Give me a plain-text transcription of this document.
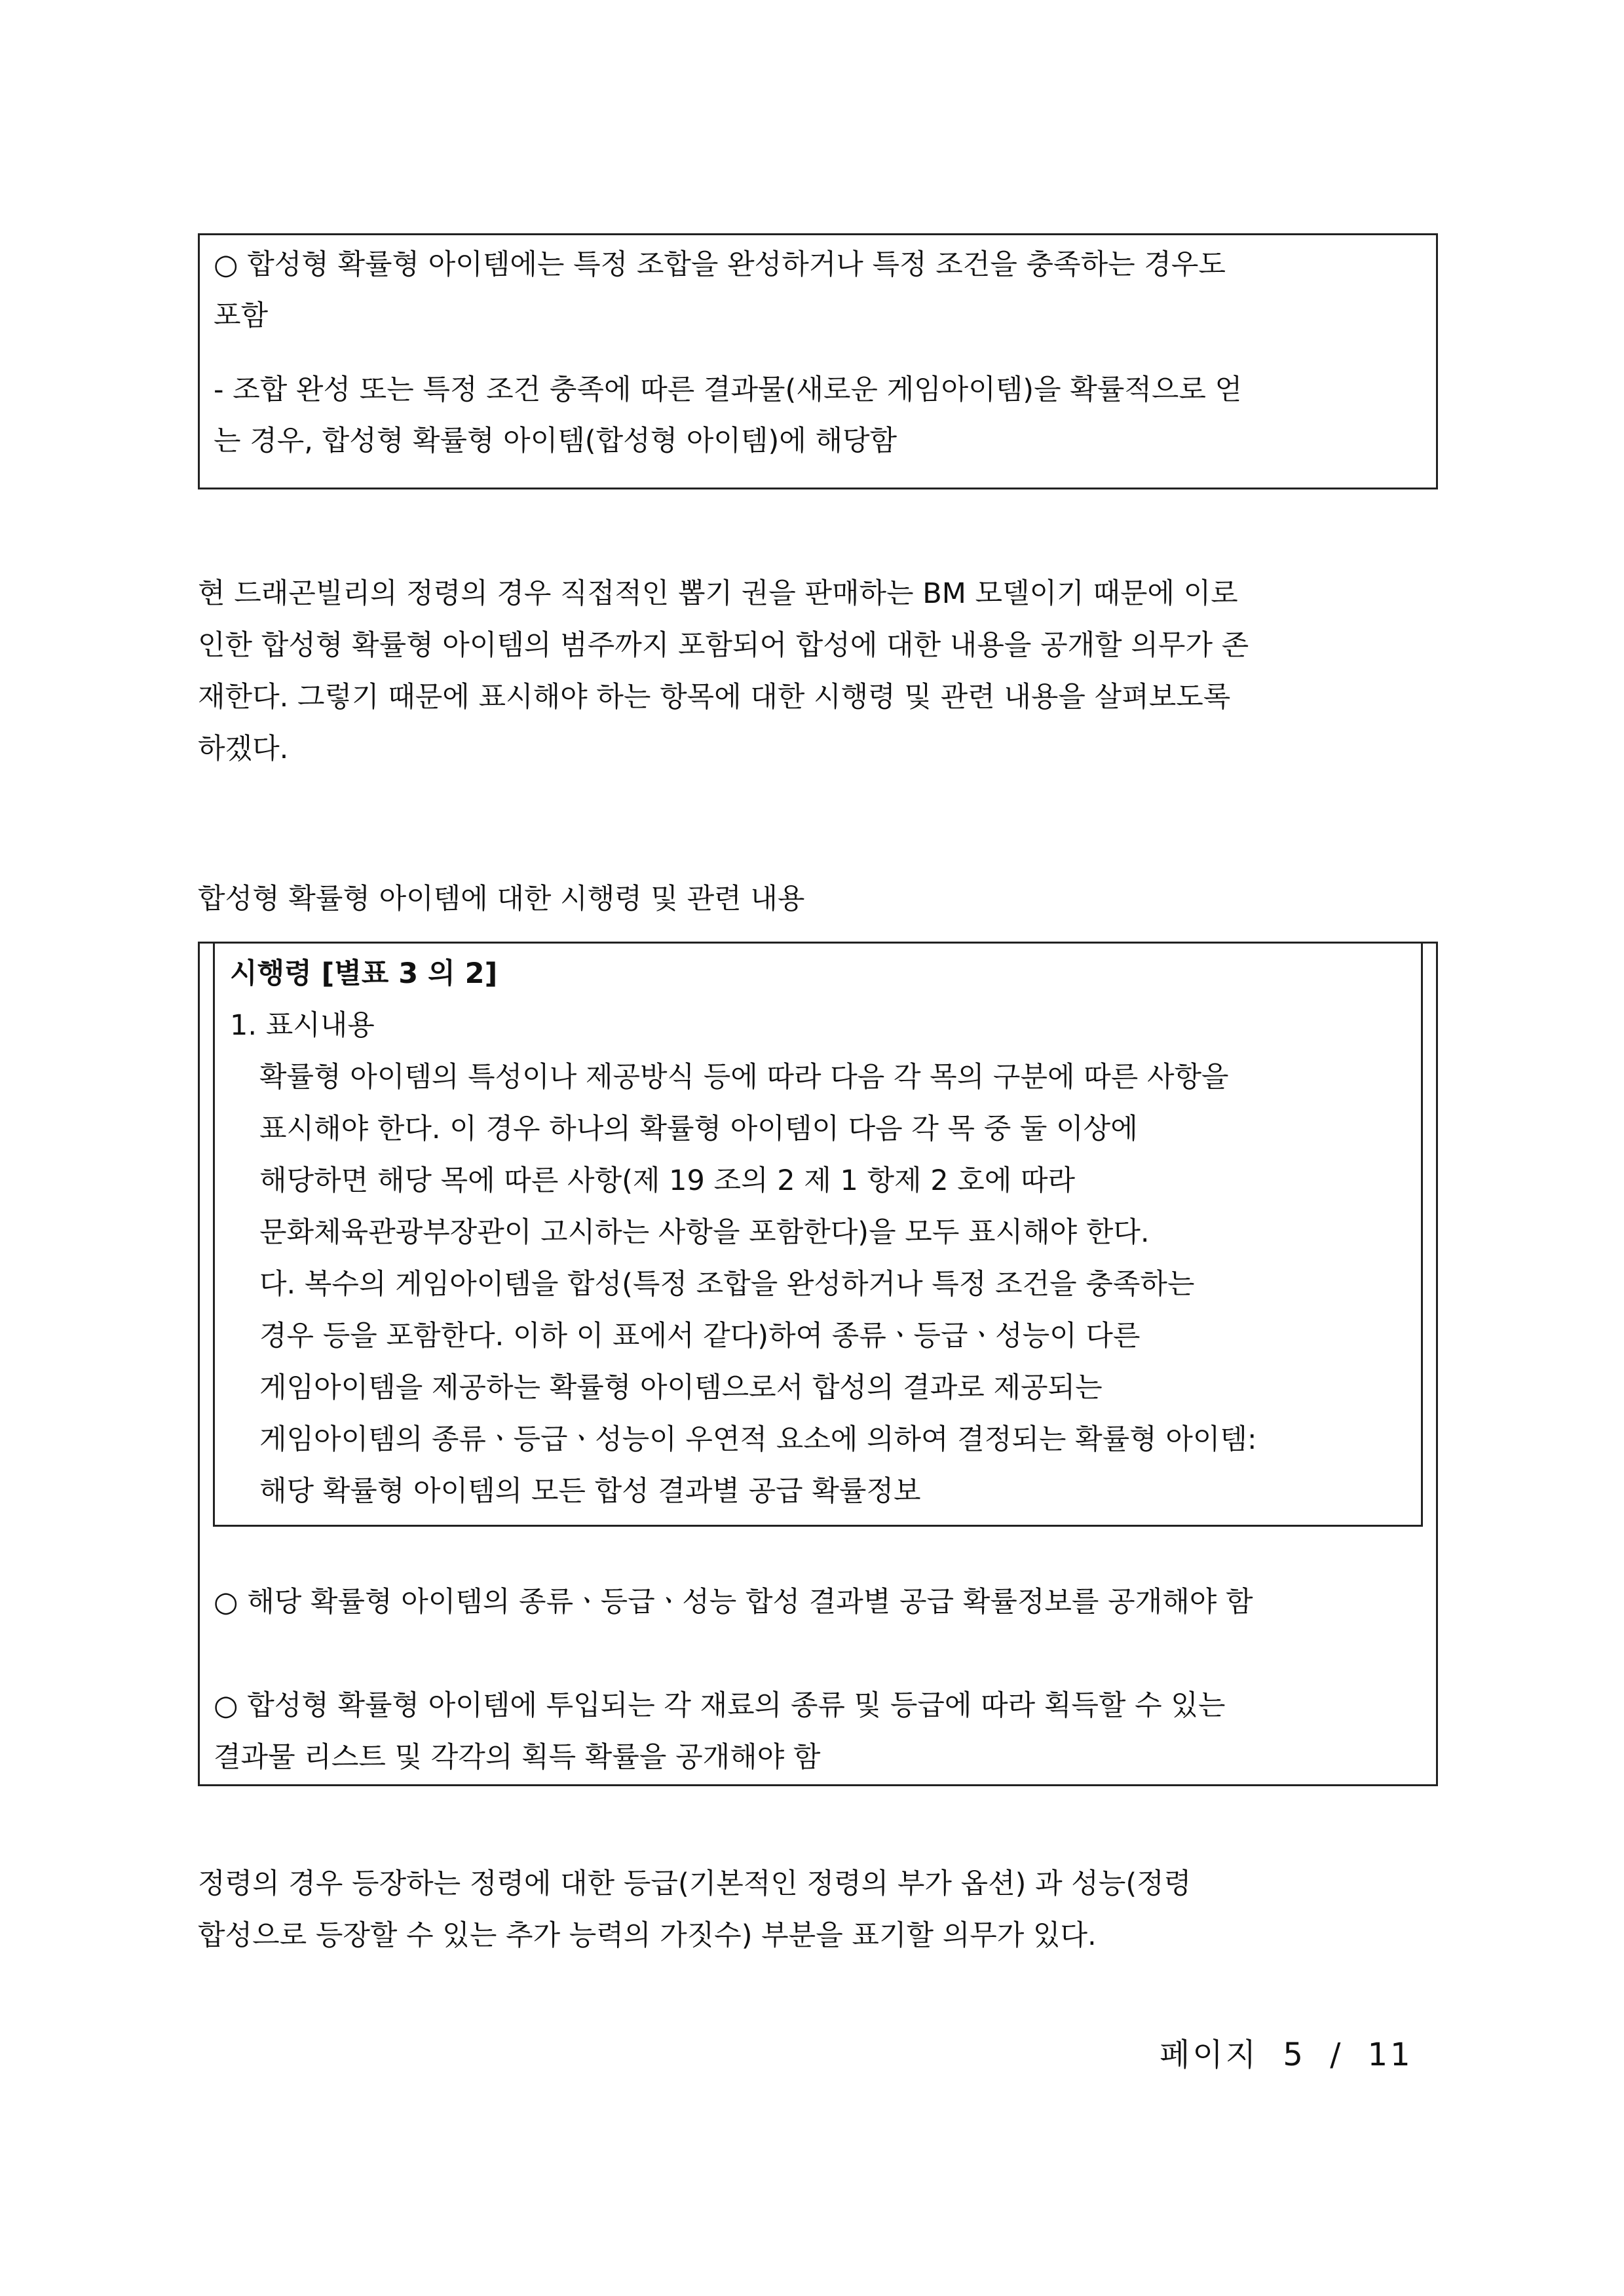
○ 합성형 확률형 아이템에는 특정 조합을 완성하거나 특정 조건을 충족하는 경우도
포함
- 조합 완성 또는 특정 조건 충족에 따른 결과물(새로운 게임아이템)을 확률적으로 얻
는 경우, 합성형 확률형 아이템(합성형 아이템)에 해당함
현 드래곤빌리의 정령의 경우 직접적인 뽑기 권을 판매하는 BM 모델이기 때문에 이로
인한 합성형 확률형 아이템의 범주까지 포함되어 합성에 대한 내용을 공개할 의무가 존
재한다. 그렇기 때문에 표시해야 하는 항목에 대한 시행령 및 관련 내용을 살펴보도록
하겠다.
합성형 확률형 아이템에 대한 시행령 및 관련 내용
시행령 [별표 3 의 2]
1. 표시내용
확률형 아이템의 특성이나 제공방식 등에 따라 다음 각 목의 구분에 따른 사항을
표시해야 한다. 이 경우 하나의 확률형 아이템이 다음 각 목 중 둘 이상에
해당하면 해당 목에 따른 사항(제 19 조의 2 제 1 항제 2 호에 따라
문화체육관광부장관이 고시하는 사항을 포함한다)을 모두 표시해야 한다.
다. 복수의 게임아이템을 합성(특정 조합을 완성하거나 특정 조건을 충족하는
경우 등을 포함한다. 이하 이 표에서 같다)하여 종류ㆍ등급ㆍ성능이 다른
게임아이템을 제공하는 확률형 아이템으로서 합성의 결과로 제공되는
게임아이템의 종류ㆍ등급ㆍ성능이 우연적 요소에 의하여 결정되는 확률형 아이템:
해당 확률형 아이템의 모든 합성 결과별 공급 확률정보
○ 해당 확률형 아이템의 종류ㆍ등급ㆍ성능 합성 결과별 공급 확률정보를 공개해야 함
○ 합성형 확률형 아이템에 투입되는 각 재료의 종류 및 등급에 따라 획득할 수 있는
결과물 리스트 및 각각의 획득 확률을 공개해야 함
정령의 경우 등장하는 정령에 대한 등급(기본적인 정령의 부가 옵션) 과 성능(정령
합성으로 등장할 수 있는 추가 능력의 가짓수) 부분을 표기할 의무가 있다.
페이지 5 / 11
